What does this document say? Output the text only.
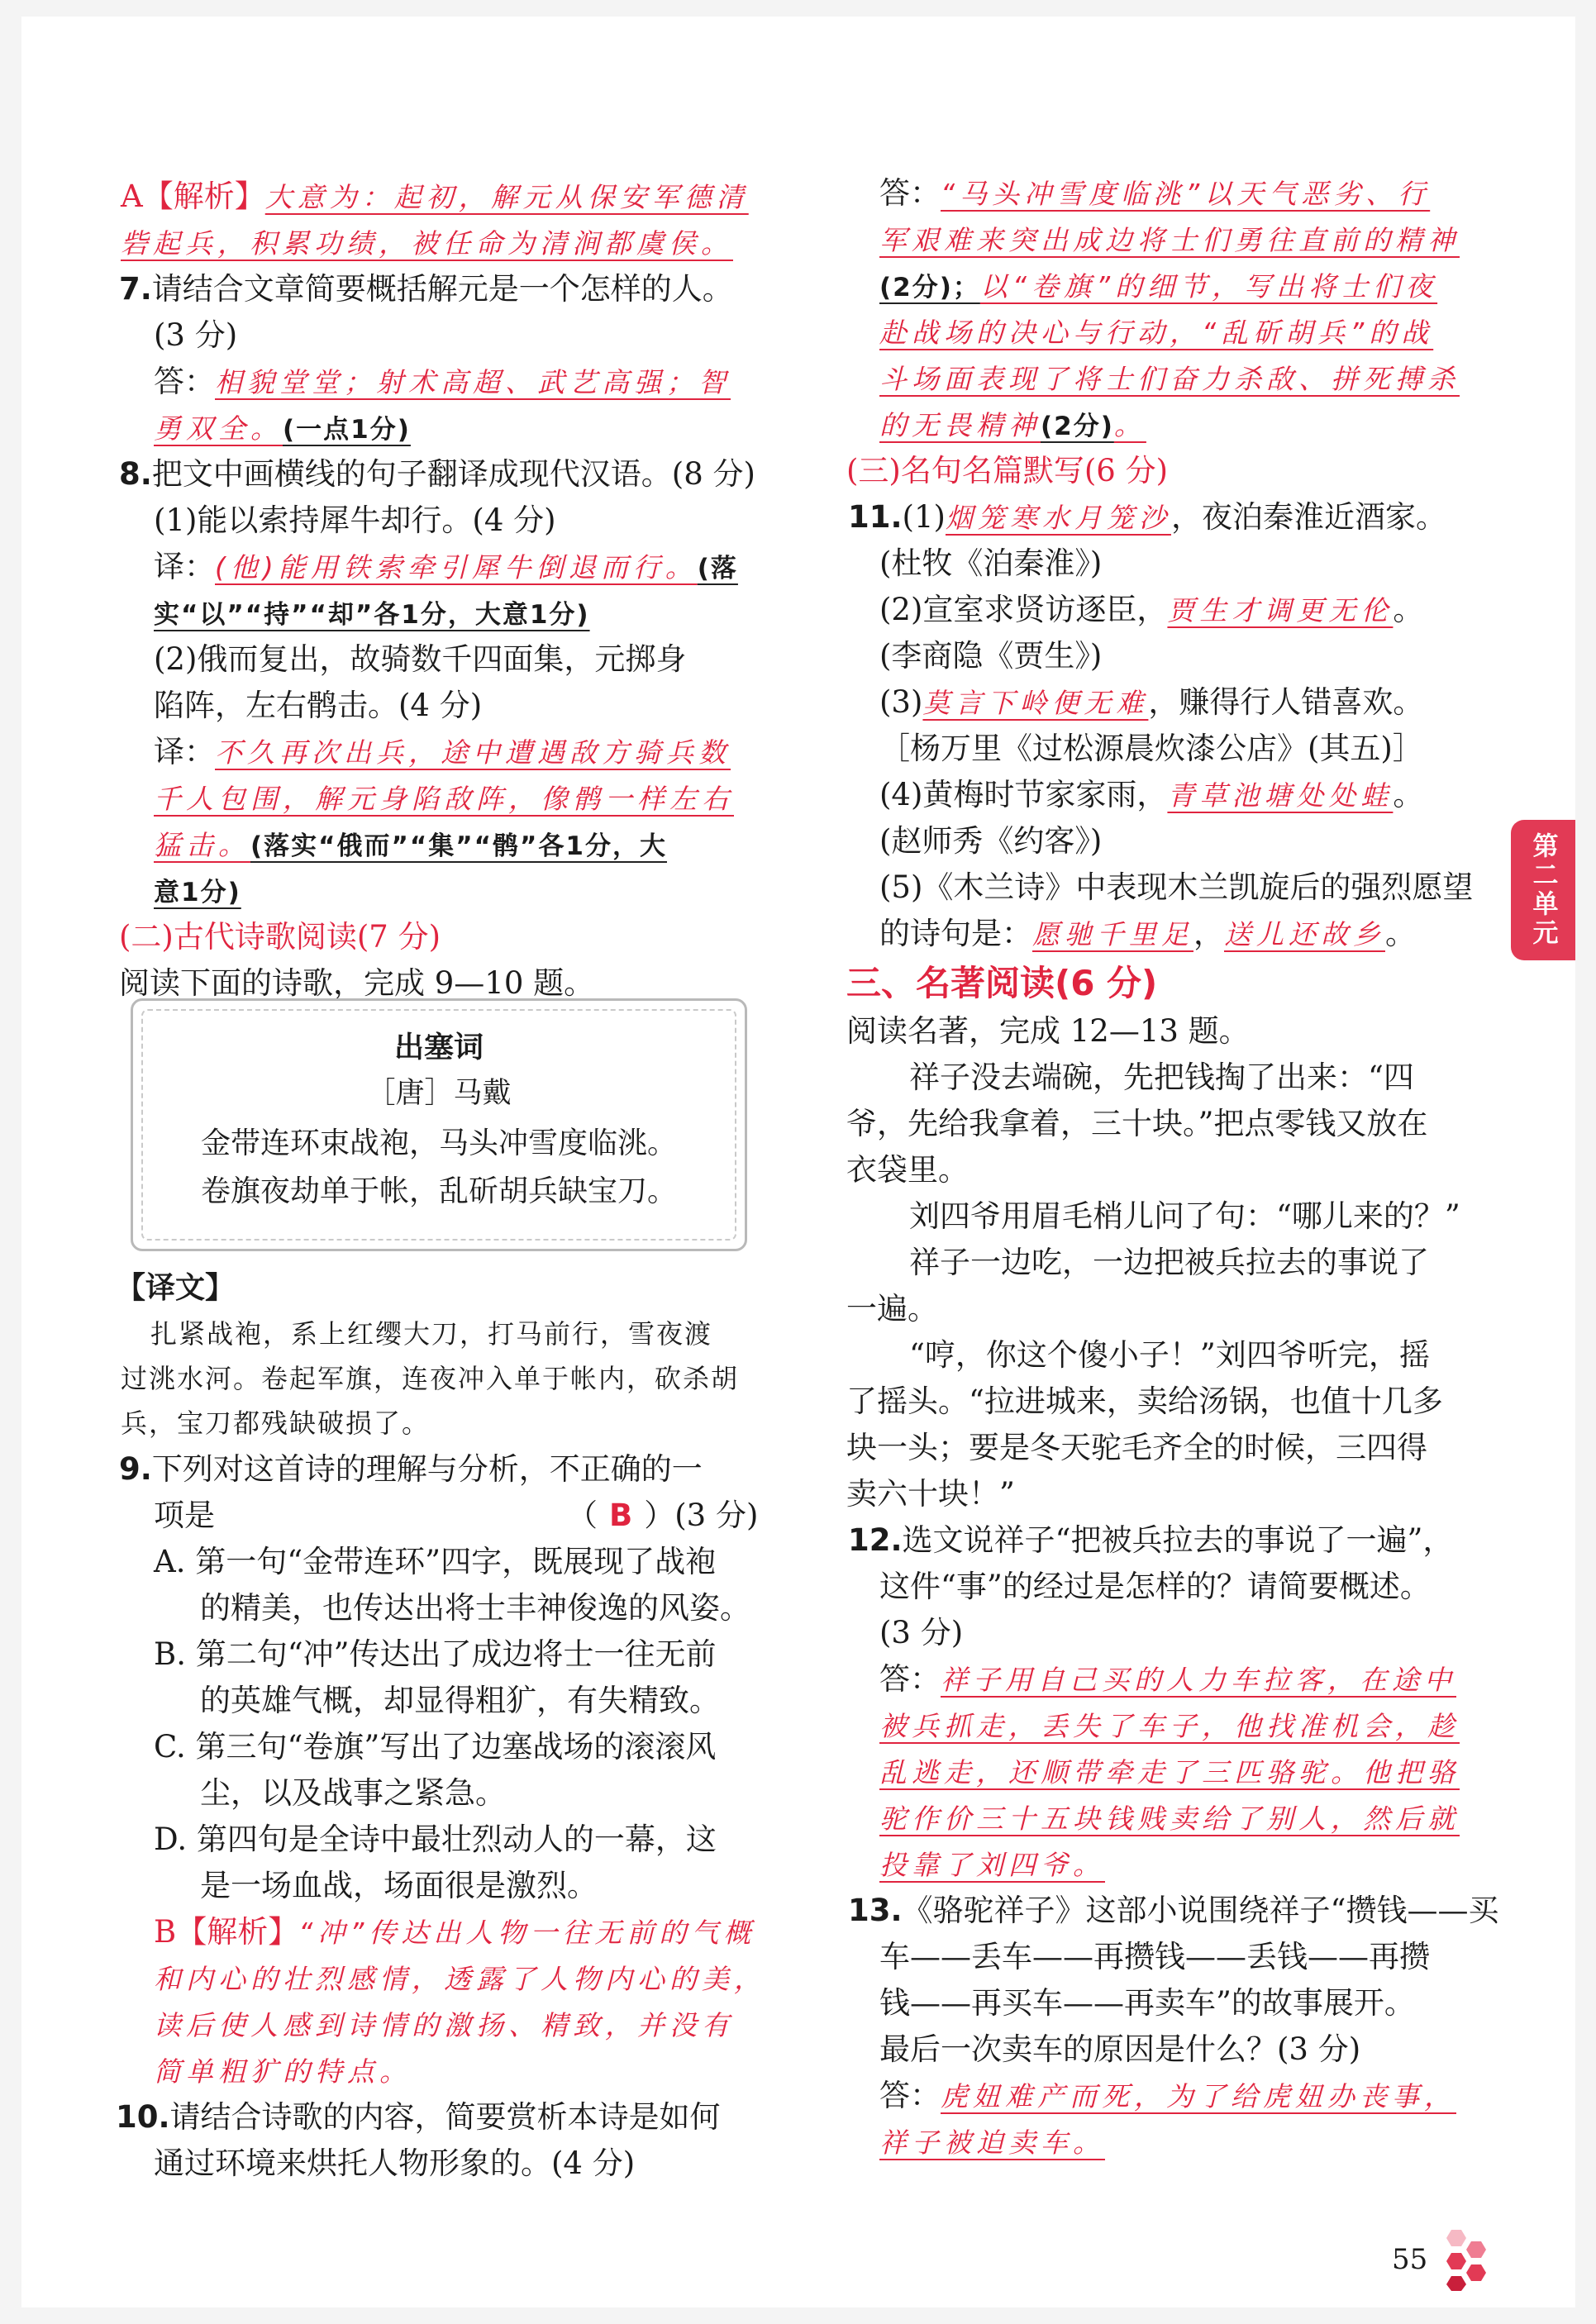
A【解析】大意为：起初，解元从保安军德清
砦起兵，积累功绩，被任命为清涧都虞侯。
7.请结合文章简要概括解元是一个怎样的人。
(3 分)
答：相貌堂堂；射术高超、武艺高强；智
勇双全。(一点1分)
8.把文中画横线的句子翻译成现代汉语。(8 分)
(1)能以索持犀牛却行。(4 分)
译：(他)能用铁索牵引犀牛倒退而行。(落
实“以”“持”“却”各1分，大意1分)
(2)俄而复出，故骑数千四面集，元掷身
陷阵，左右鹘击。(4 分)
译：不久再次出兵，途中遭遇敌方骑兵数
千人包围，解元身陷敌阵，像鹘一样左右
猛击。(落实“俄而”“集”“鹘”各1分，大
意1分)
(二)古代诗歌阅读(7 分)
阅读下面的诗歌，完成 9—10 题。
出塞词
［唐］马戴
金带连环束战袍，马头冲雪度临洮。
卷旗夜劫单于帐，乱斫胡兵缺宝刀。
【译文】
扎紧战袍，系上红缨大刀，打马前行，雪夜渡
过洮水河。卷起军旗，连夜冲入单于帐内，砍杀胡
兵，宝刀都残缺破损了。
9.下列对这首诗的理解与分析，不正确的一
项是	（ B ）(3 分)
A. 第一句“金带连环”四字，既展现了战袍
的精美，也传达出将士丰神俊逸的风姿。
B. 第二句“冲”传达出了成边将士一往无前
的英雄气概，却显得粗犷，有失精致。
C. 第三句“卷旗”写出了边塞战场的滚滚风
尘，以及战事之紧急。
D. 第四句是全诗中最壮烈动人的一幕，这
是一场血战，场面很是激烈。
B【解析】“冲”传达出人物一往无前的气概
和内心的壮烈感情，透露了人物内心的美，
读后使人感到诗情的激扬、精致，并没有
简单粗犷的特点。
10.请结合诗歌的内容，简要赏析本诗是如何
通过环境来烘托人物形象的。(4 分)
答：“马头冲雪度临洮”以天气恶劣、行
军艰难来突出成边将士们勇往直前的精神
(2分)；以“卷旗”的细节，写出将士们夜
赴战场的决心与行动，“乱斫胡兵”的战
斗场面表现了将士们奋力杀敌、拼死搏杀
的无畏精神(2分)。
(三)名句名篇默写(6 分)
11.(1)烟笼寒水月笼沙，夜泊秦淮近酒家。
(杜牧《泊秦淮》)
(2)宣室求贤访逐臣，贾生才调更无伦。
(李商隐《贾生》)
(3)莫言下岭便无难，赚得行人错喜欢。
［杨万里《过松源晨炊漆公店》(其五)］
(4)黄梅时节家家雨，青草池塘处处蛙。
(赵师秀《约客》)
(5)《木兰诗》中表现木兰凯旋后的强烈愿望
的诗句是：愿驰千里足，送儿还故乡。
三、名著阅读(6 分)
阅读名著，完成 12—13 题。
祥子没去端碗，先把钱掏了出来：“四
爷，先给我拿着，三十块。”把点零钱又放在
衣袋里。
刘四爷用眉毛梢儿问了句：“哪儿来的？”
祥子一边吃，一边把被兵拉去的事说了
一遍。
“哼，你这个傻小子！”刘四爷听完，摇
了摇头。“拉进城来，卖给汤锅，也值十几多
块一头；要是冬天驼毛齐全的时候，三四得
卖六十块！”
12.选文说祥子“把被兵拉去的事说了一遍”，
这件“事”的经过是怎样的？请简要概述。
(3 分)
答：祥子用自己买的人力车拉客，在途中
被兵抓走，丢失了车子，他找准机会，趁
乱逃走，还顺带牵走了三匹骆驼。他把骆
驼作价三十五块钱贱卖给了别人，然后就
投靠了刘四爷。
13.《骆驼祥子》这部小说围绕祥子“攒钱——买
车——丢车——再攒钱——丢钱——再攒
钱——再买车——再卖车”的故事展开。
最后一次卖车的原因是什么？(3 分)
答：虎妞难产而死，为了给虎妞办丧事，
祥子被迫卖车。
第二单元
55
